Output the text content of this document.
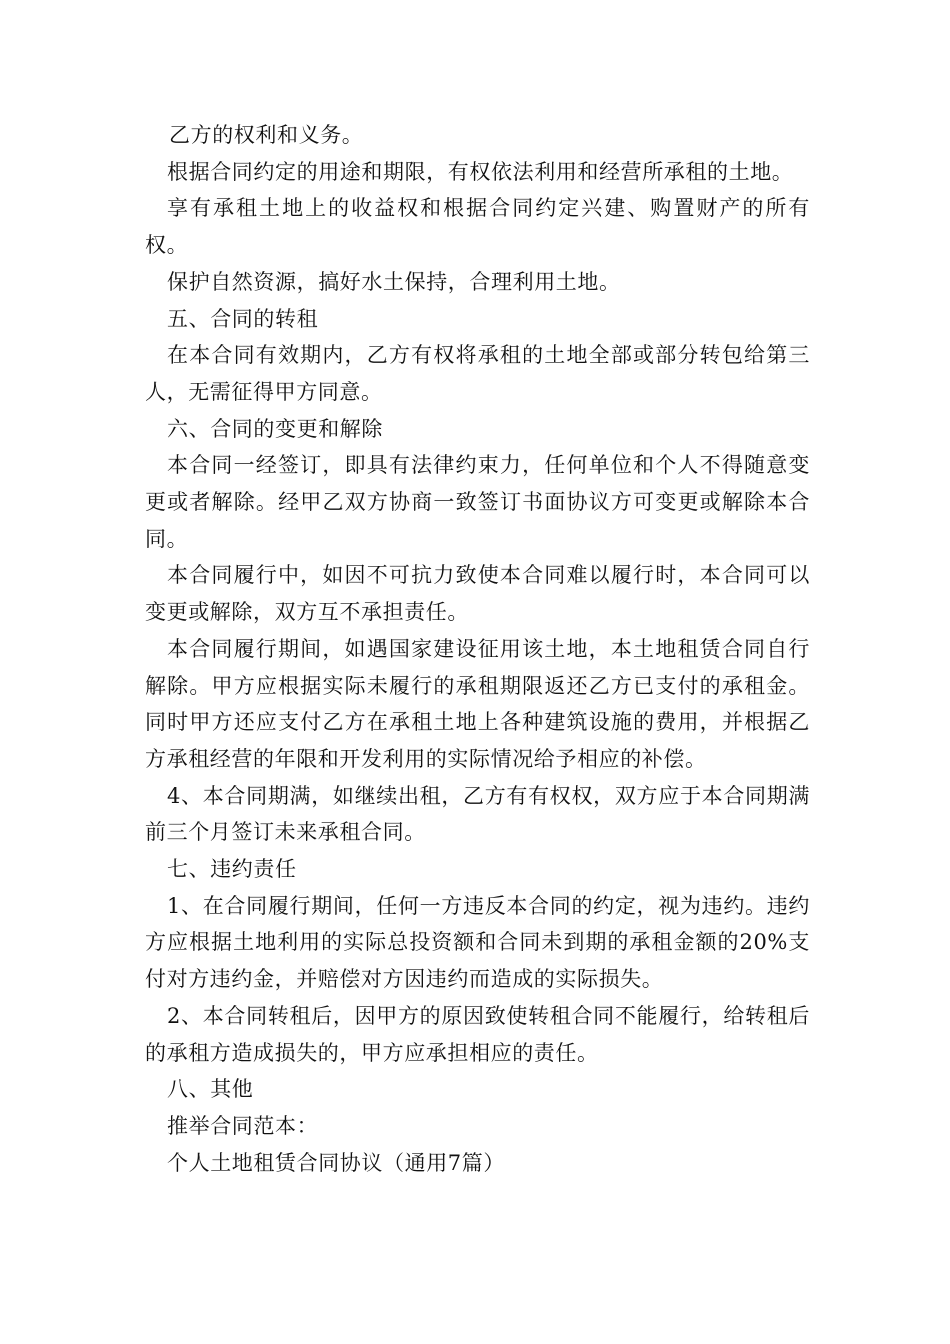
乙方的权利和义务。

根据合同约定的用途和期限，有权依法利用和经营所承租的土地。

享有承租土地上的收益权和根据合同约定兴建、购置财产的所有权。

保护自然资源，搞好水土保持，合理利用土地。

五、合同的转租

在本合同有效期内，乙方有权将承租的土地全部或部分转包给第三人，无需征得甲方同意。

六、合同的变更和解除

本合同一经签订，即具有法律约束力，任何单位和个人不得随意变更或者解除。经甲乙双方协商一致签订书面协议方可变更或解除本合同。

本合同履行中，如因不可抗力致使本合同难以履行时，本合同可以变更或解除，双方互不承担责任。

本合同履行期间，如遇国家建设征用该土地，本土地租赁合同自行解除。甲方应根据实际未履行的承租期限返还乙方已支付的承租金。同时甲方还应支付乙方在承租土地上各种建筑设施的费用，并根据乙方承租经营的年限和开发利用的实际情况给予相应的补偿。

4、本合同期满，如继续出租，乙方有有权权，双方应于本合同期满前三个月签订未来承租合同。

七、违约责任

1、在合同履行期间，任何一方违反本合同的约定，视为违约。违约方应根据土地利用的实际总投资额和合同未到期的承租金额的20%支付对方违约金，并赔偿对方因违约而造成的实际损失。

2、本合同转租后，因甲方的原因致使转租合同不能履行，给转租后的承租方造成损失的，甲方应承担相应的责任。

八、其他

推举合同范本：

个人土地租赁合同协议（通用7篇）
